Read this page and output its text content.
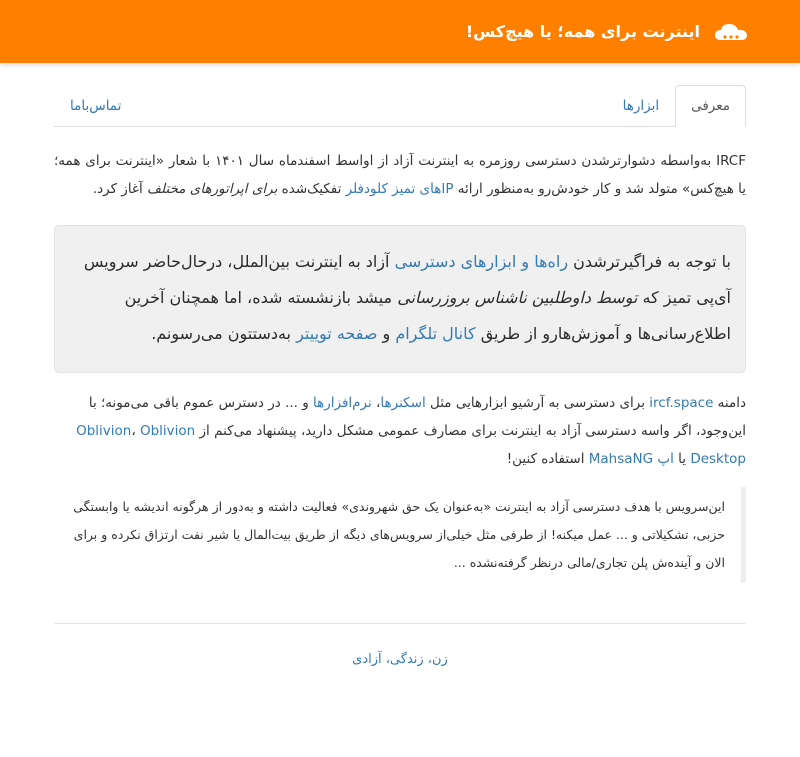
اینترنت برای همه؛ یا هیچ‌کس!
معرفی
ابزارها
تماس‌باما

IRCF به‌واسطه دشوارترشدن دسترسی روزمره به اینترنت آزاد از اواسط اسفندماه سال ۱۴۰۱ با شعار «اینترنت برای همه؛ یا هیچ‌کس» متولد شد و کار خودش‌رو به‌منظور ارائه IPهای تمیز کلودفلر تفکیک‌شده برای اپراتورهای مختلف آغاز کرد.

با توجه به فراگیرترشدن راه‌ها و ابزارهای دسترسی آزاد به اینترنت بین‌الملل، درحال‌حاضر سرویس آی‌پی تمیز که توسط داوطلبین ناشناس بروزرسانی میشد بازنشسته شده، اما همچنان آخرین اطلاع‌رسانی‌ها و آموزش‌هارو از طریق کانال تلگرام و صفحه توییتر به‌دستتون می‌رسونم.

دامنه ircf.space برای دسترسی به آرشیو ابزارهایی مثل اسکنرها، نرم‌افزارها و ... در دسترس عموم باقی می‌مونه؛ با این‌وجود، اگر واسه دسترسی آزاد به اینترنت برای مصارف عمومی مشکل دارید، پیشنهاد می‌کنم از Oblivion، Oblivion Desktop یا اپ MahsaNG استفاده کنین!

این‌سرویس با هدف دسترسی آزاد به اینترنت «به‌عنوان یک حق شهروندی» فعالیت داشته و به‌دور از هرگونه اندیشه یا وابستگی حزبی، تشکیلاتی و ... عمل میکنه! از طرفی مثل خیلی‌از سرویس‌های دیگه از طریق بیت‌المال یا شیر نفت ارتزاق نکرده و برای الان و آینده‌ش پلن تجاری/مالی درنظر گرفته‌نشده ...
زن، زندگی، آزادی
